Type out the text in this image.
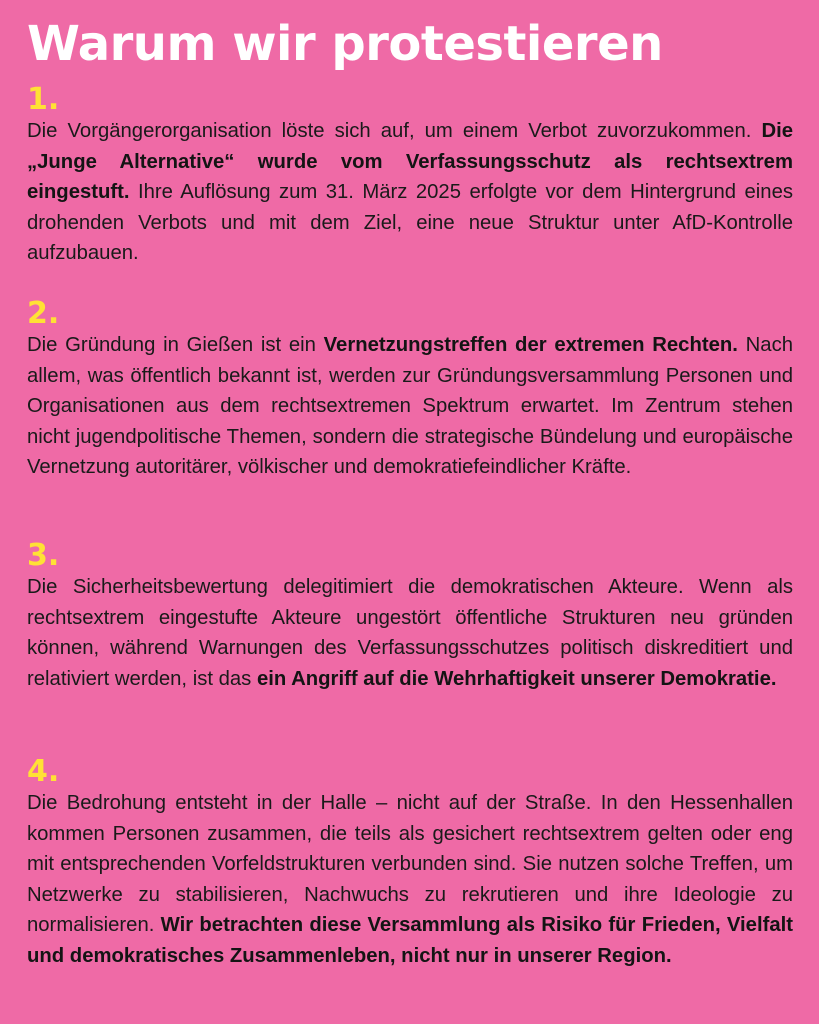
Warum wir protestieren
1.

Die Vorgängerorganisation löste sich auf, um einem Verbot zuvorzukommen. Die „Junge Alternative“ wurde vom Verfassungsschutz als rechtsextrem eingestuft. Ihre Auflösung zum 31. März 2025 erfolgte vor dem Hintergrund eines drohenden Verbots und mit dem Ziel, eine neue Struktur unter AfD-Kontrolle aufzubauen.

2.

Die Gründung in Gießen ist ein Vernetzungstreffen der extremen Rechten. Nach allem, was öffentlich bekannt ist, werden zur Gründungsversammlung Personen und Organisationen aus dem rechtsextremen Spektrum erwartet. Im Zentrum stehen nicht jugendpolitische Themen, sondern die strategische Bündelung und europäische Vernetzung autoritärer, völkischer und demokratiefeindlicher Kräfte.

3.

Die Sicherheitsbewertung delegitimiert die demokratischen Akteure. Wenn als rechtsextrem eingestufte Akteure ungestört öffentliche Strukturen neu gründen können, während Warnungen des Verfassungsschutzes politisch diskreditiert und relativiert werden, ist das ein Angriff auf die Wehrhaftigkeit unserer Demokratie.

4.

Die Bedrohung entsteht in der Halle – nicht auf der Straße. In den Hessenhallen kommen Personen zusammen, die teils als gesichert rechtsextrem gelten oder eng mit entsprechenden Vorfeldstrukturen verbunden sind. Sie nutzen solche Treffen, um Netzwerke zu stabilisieren, Nachwuchs zu rekrutieren und ihre Ideologie zu normalisieren. Wir betrachten diese Versammlung als Risiko für Frieden, Vielfalt und demokratisches Zusammenleben, nicht nur in unserer Region.
